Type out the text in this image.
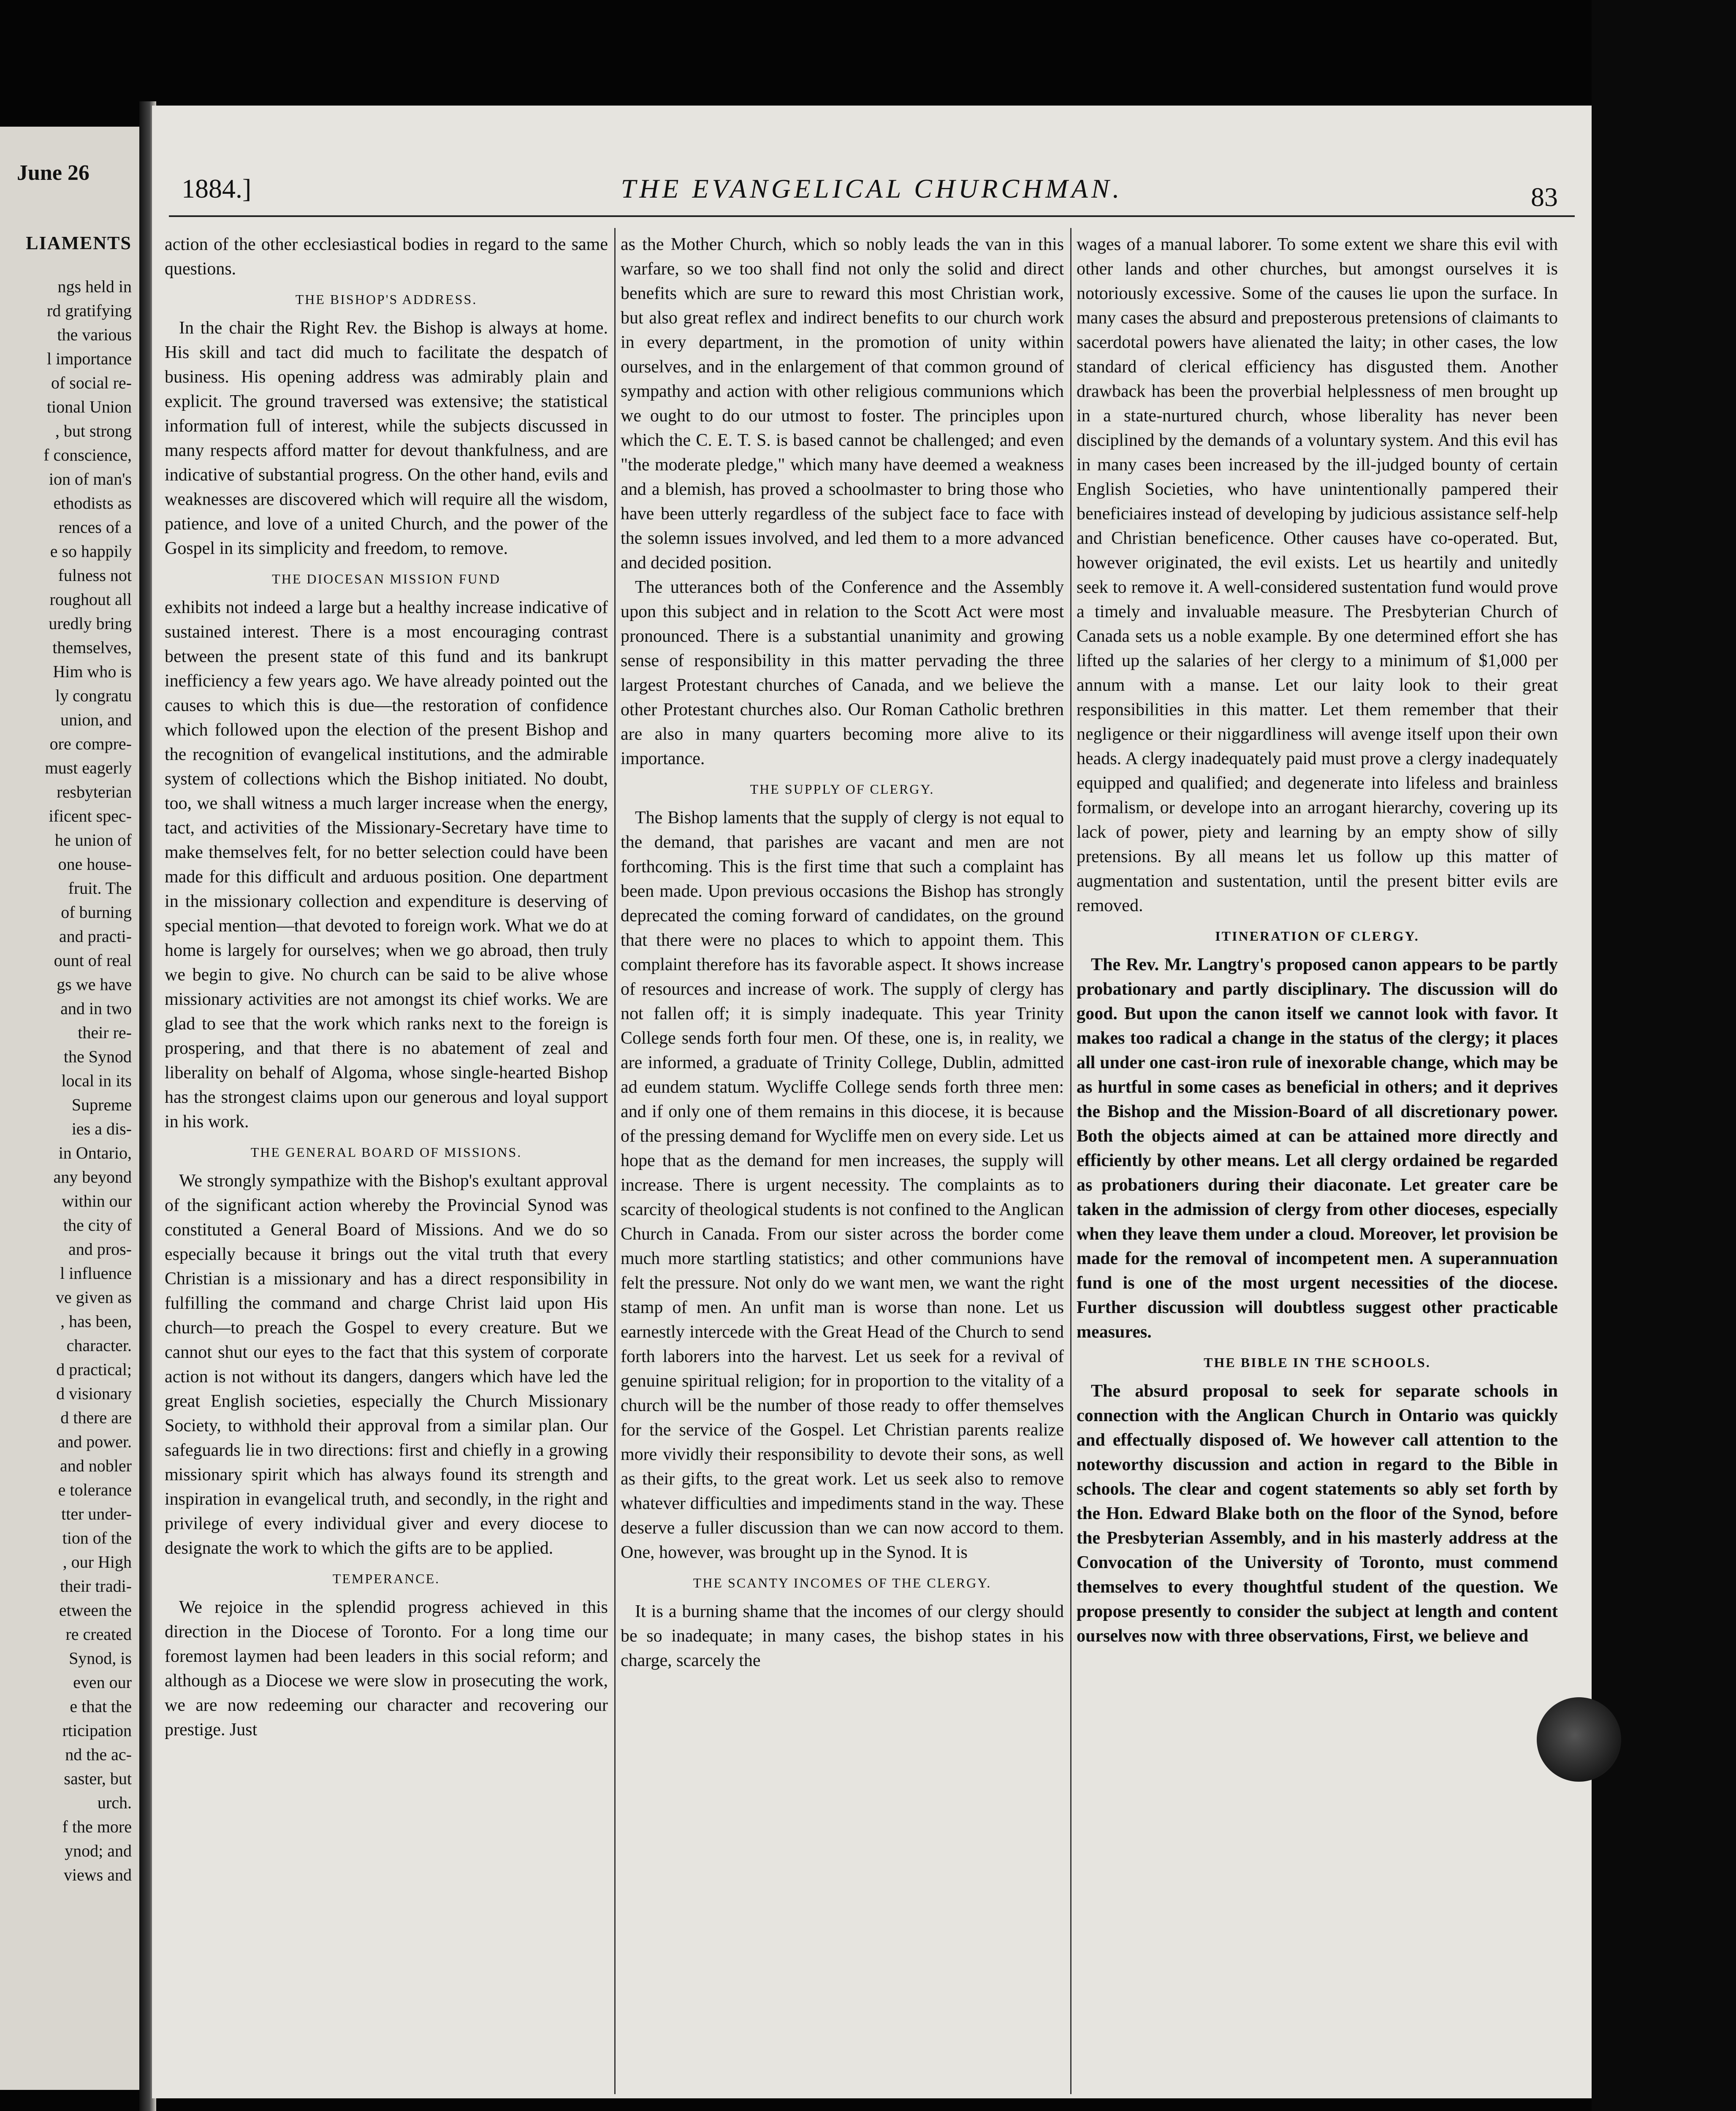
June 26
LIAMENTS
ngs held in
rd gratifying
the various
l importance
of social re-
tional Union
, but strong
f conscience,
ion of man's
ethodists as
rences of a
e so happily
fulness not
roughout all
uredly bring
themselves,
Him who is
ly congratu
union, and
ore compre-
must eagerly
resbyterian
ificent spec-
he union of
one house-
fruit. The
of burning
and practi-
ount of real
gs we have
and in two
their re-
the Synod
local in its
Supreme
ies a dis-
in Ontario,
any beyond
within our
the city of
and pros-
l influence
ve given as
, has been,
character.
d practical;
d visionary
d there are
and power.
and nobler
e tolerance
tter under-
tion of the
, our High
their tradi-
etween the
re created
Synod, is
even our
e that the
rticipation
nd the ac-
saster, but
urch.
f the more
ynod; and
views and
1884.]	THE EVANGELICAL CHURCHMAN.	83

action of the other ecclesiastical bodies in regard to the same questions.

THE BISHOP'S ADDRESS.

In the chair the Right Rev. the Bishop is always at home. His skill and tact did much to facilitate the despatch of business. His opening address was admirably plain and explicit. The ground traversed was extensive; the statistical information full of interest, while the subjects discussed in many respects afford matter for devout thankfulness, and are indicative of substantial progress. On the other hand, evils and weaknesses are discovered which will require all the wisdom, patience, and love of a united Church, and the power of the Gospel in its simplicity and freedom, to remove.

THE DIOCESAN MISSION FUND

exhibits not indeed a large but a healthy increase indicative of sustained interest. There is a most encouraging contrast between the present state of this fund and its bankrupt inefficiency a few years ago. We have already pointed out the causes to which this is due—the restoration of confidence which followed upon the election of the present Bishop and the recognition of evangelical institutions, and the admirable system of collections which the Bishop initiated. No doubt, too, we shall witness a much larger increase when the energy, tact, and activities of the Missionary-Secretary have time to make themselves felt, for no better selection could have been made for this difficult and arduous position. One department in the missionary collection and expenditure is deserving of special mention—that devoted to foreign work. What we do at home is largely for ourselves; when we go abroad, then truly we begin to give. No church can be said to be alive whose missionary activities are not amongst its chief works. We are glad to see that the work which ranks next to the foreign is prospering, and that there is no abatement of zeal and liberality on behalf of Algoma, whose single-hearted Bishop has the strongest claims upon our generous and loyal support in his work.

THE GENERAL BOARD OF MISSIONS.

We strongly sympathize with the Bishop's exultant approval of the significant action whereby the Provincial Synod was constituted a General Board of Missions. And we do so especially because it brings out the vital truth that every Christian is a missionary and has a direct responsibility in fulfilling the command and charge Christ laid upon His church—to preach the Gospel to every creature. But we cannot shut our eyes to the fact that this system of corporate action is not without its dangers, dangers which have led the great English societies, especially the Church Missionary Society, to withhold their approval from a similar plan. Our safeguards lie in two directions: first and chiefly in a growing missionary spirit which has always found its strength and inspiration in evangelical truth, and secondly, in the right and privilege of every individual giver and every diocese to designate the work to which the gifts are to be applied.

TEMPERANCE.

We rejoice in the splendid progress achieved in this direction in the Diocese of Toronto. For a long time our foremost laymen had been leaders in this social reform; and although as a Diocese we were slow in prosecuting the work, we are now redeeming our character and recovering our prestige. Just

as the Mother Church, which so nobly leads the van in this warfare, so we too shall find not only the solid and direct benefits which are sure to reward this most Christian work, but also great reflex and indirect benefits to our church work in every department, in the promotion of unity within ourselves, and in the enlargement of that common ground of sympathy and action with other religious communions which we ought to do our utmost to foster. The principles upon which the C. E. T. S. is based cannot be challenged; and even "the moderate pledge," which many have deemed a weakness and a blemish, has proved a schoolmaster to bring those who have been utterly regardless of the subject face to face with the solemn issues involved, and led them to a more advanced and decided position.

The utterances both of the Conference and the Assembly upon this subject and in relation to the Scott Act were most pronounced. There is a substantial unanimity and growing sense of responsibility in this matter pervading the three largest Protestant churches of Canada, and we believe the other Protestant churches also. Our Roman Catholic brethren are also in many quarters becoming more alive to its importance.

THE SUPPLY OF CLERGY.

The Bishop laments that the supply of clergy is not equal to the demand, that parishes are vacant and men are not forthcoming. This is the first time that such a complaint has been made. Upon previous occasions the Bishop has strongly deprecated the coming forward of candidates, on the ground that there were no places to which to appoint them. This complaint therefore has its favorable aspect. It shows increase of resources and increase of work. The supply of clergy has not fallen off; it is simply inadequate. This year Trinity College sends forth four men. Of these, one is, in reality, we are informed, a graduate of Trinity College, Dublin, admitted ad eundem statum. Wycliffe College sends forth three men: and if only one of them remains in this diocese, it is because of the pressing demand for Wycliffe men on every side. Let us hope that as the demand for men increases, the supply will increase. There is urgent necessity. The complaints as to scarcity of theological students is not confined to the Anglican Church in Canada. From our sister across the border come much more startling statistics; and other communions have felt the pressure. Not only do we want men, we want the right stamp of men. An unfit man is worse than none. Let us earnestly intercede with the Great Head of the Church to send forth laborers into the harvest. Let us seek for a revival of genuine spiritual religion; for in proportion to the vitality of a church will be the number of those ready to offer themselves for the service of the Gospel. Let Christian parents realize more vividly their responsibility to devote their sons, as well as their gifts, to the great work. Let us seek also to remove whatever difficulties and impediments stand in the way. These deserve a fuller discussion than we can now accord to them. One, however, was brought up in the Synod. It is

THE SCANTY INCOMES OF THE CLERGY.

It is a burning shame that the incomes of our clergy should be so inadequate; in many cases, the bishop states in his charge, scarcely the

wages of a manual laborer. To some extent we share this evil with other lands and other churches, but amongst ourselves it is notoriously excessive. Some of the causes lie upon the surface. In many cases the absurd and preposterous pretensions of claimants to sacerdotal powers have alienated the laity; in other cases, the low standard of clerical efficiency has disgusted them. Another drawback has been the proverbial helplessness of men brought up in a state-nurtured church, whose liberality has never been disciplined by the demands of a voluntary system. And this evil has in many cases been increased by the ill-judged bounty of certain English Societies, who have unintentionally pampered their beneficiaires instead of developing by judicious assistance self-help and Christian beneficence. Other causes have co-operated. But, however originated, the evil exists. Let us heartily and unitedly seek to remove it. A well-considered sustentation fund would prove a timely and invaluable measure. The Presbyterian Church of Canada sets us a noble example. By one determined effort she has lifted up the salaries of her clergy to a minimum of $1,000 per annum with a manse. Let our laity look to their great responsibilities in this matter. Let them remember that their negligence or their niggardliness will avenge itself upon their own heads. A clergy inadequately paid must prove a clergy inadequately equipped and qualified; and degenerate into lifeless and brainless formalism, or develope into an arrogant hierarchy, covering up its lack of power, piety and learning by an empty show of silly pretensions. By all means let us follow up this matter of augmentation and sustentation, until the present bitter evils are removed.

ITINERATION OF CLERGY.

The Rev. Mr. Langtry's proposed canon appears to be partly probationary and partly disciplinary. The discussion will do good. But upon the canon itself we cannot look with favor. It makes too radical a change in the status of the clergy; it places all under one cast-iron rule of inexorable change, which may be as hurtful in some cases as beneficial in others; and it deprives the Bishop and the Mission-Board of all discretionary power. Both the objects aimed at can be attained more directly and efficiently by other means. Let all clergy ordained be regarded as probationers during their diaconate. Let greater care be taken in the admission of clergy from other dioceses, especially when they leave them under a cloud. Moreover, let provision be made for the removal of incompetent men. A superannuation fund is one of the most urgent necessities of the diocese. Further discussion will doubtless suggest other practicable measures.

THE BIBLE IN THE SCHOOLS.

The absurd proposal to seek for separate schools in connection with the Anglican Church in Ontario was quickly and effectually disposed of. We however call attention to the noteworthy discussion and action in regard to the Bible in schools. The clear and cogent statements so ably set forth by the Hon. Edward Blake both on the floor of the Synod, before the Presbyterian Assembly, and in his masterly address at the Convocation of the University of Toronto, must commend themselves to every thoughtful student of the question. We propose presently to consider the subject at length and content ourselves now with three observations, First, we believe and
